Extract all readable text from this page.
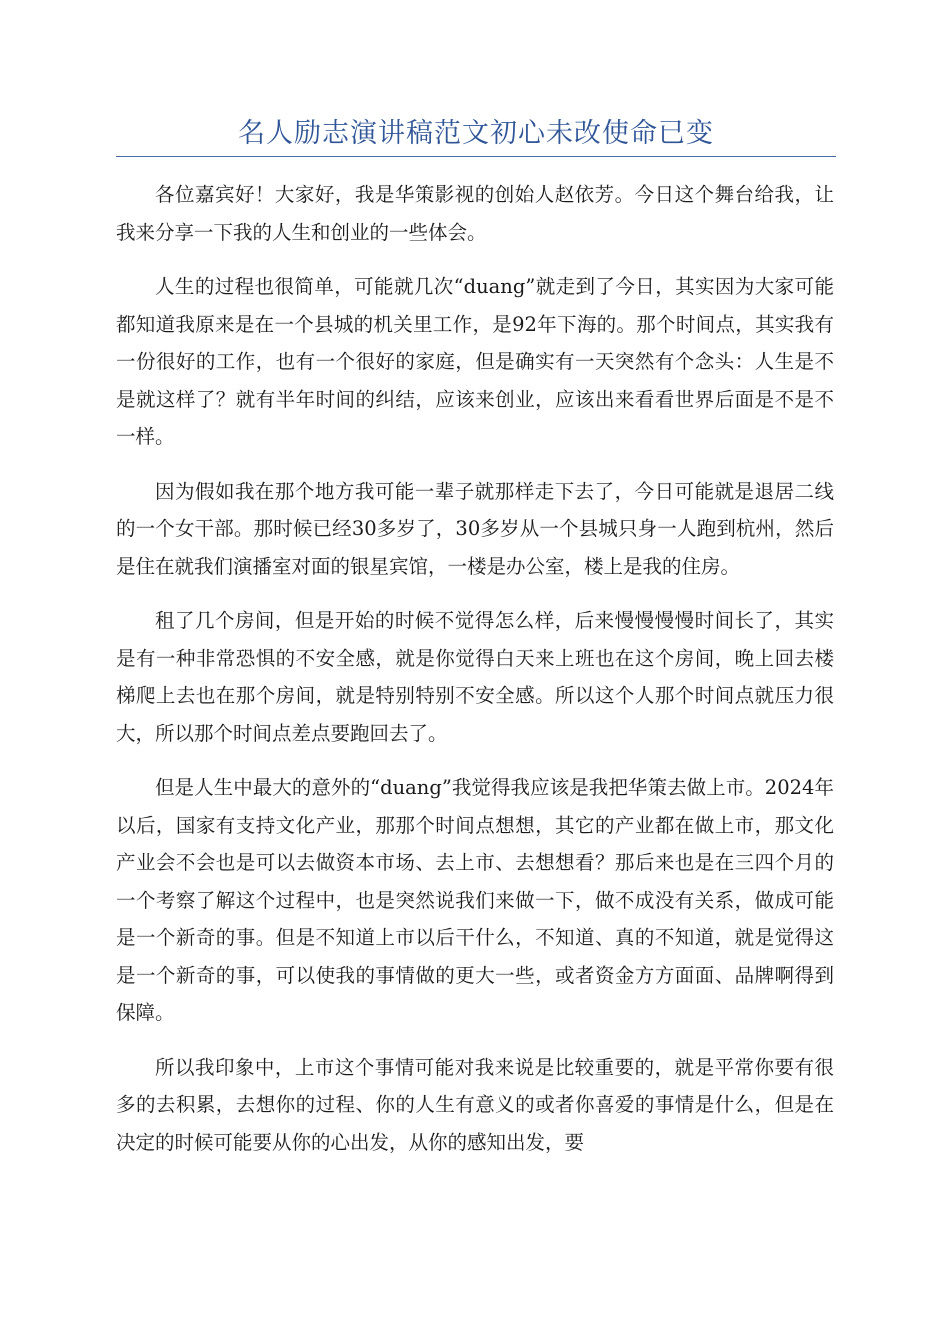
名人励志演讲稿范文初心未改使命已变

各位嘉宾好！大家好，我是华策影视的创始人赵依芳。今日这个舞台给我，让我来分享一下我的人生和创业的一些体会。

人生的过程也很简单，可能就几次“duang”就走到了今日，其实因为大家可能都知道我原来是在一个县城的机关里工作，是92年下海的。那个时间点，其实我有一份很好的工作，也有一个很好的家庭，但是确实有一天突然有个念头：人生是不是就这样了？就有半年时间的纠结，应该来创业，应该出来看看世界后面是不是不一样。

因为假如我在那个地方我可能一辈子就那样走下去了，今日可能就是退居二线的一个女干部。那时候已经30多岁了，30多岁从一个县城只身一人跑到杭州，然后是住在就我们演播室对面的银星宾馆，一楼是办公室，楼上是我的住房。

租了几个房间，但是开始的时候不觉得怎么样，后来慢慢慢慢时间长了，其实是有一种非常恐惧的不安全感，就是你觉得白天来上班也在这个房间，晚上回去楼梯爬上去也在那个房间，就是特别特别不安全感。所以这个人那个时间点就压力很大，所以那个时间点差点要跑回去了。

但是人生中最大的意外的“duang”我觉得我应该是我把华策去做上市。2024年以后，国家有支持文化产业，那那个时间点想想，其它的产业都在做上市，那文化产业会不会也是可以去做资本市场、去上市、去想想看？那后来也是在三四个月的一个考察了解这个过程中，也是突然说我们来做一下，做不成没有关系，做成可能是一个新奇的事。但是不知道上市以后干什么，不知道、真的不知道，就是觉得这是一个新奇的事，可以使我的事情做的更大一些，或者资金方方面面、品牌啊得到保障。

所以我印象中，上市这个事情可能对我来说是比较重要的，就是平常你要有很多的去积累，去想你的过程、你的人生有意义的或者你喜爱的事情是什么，但是在决定的时候可能要从你的心出发，从你的感知出发，要
